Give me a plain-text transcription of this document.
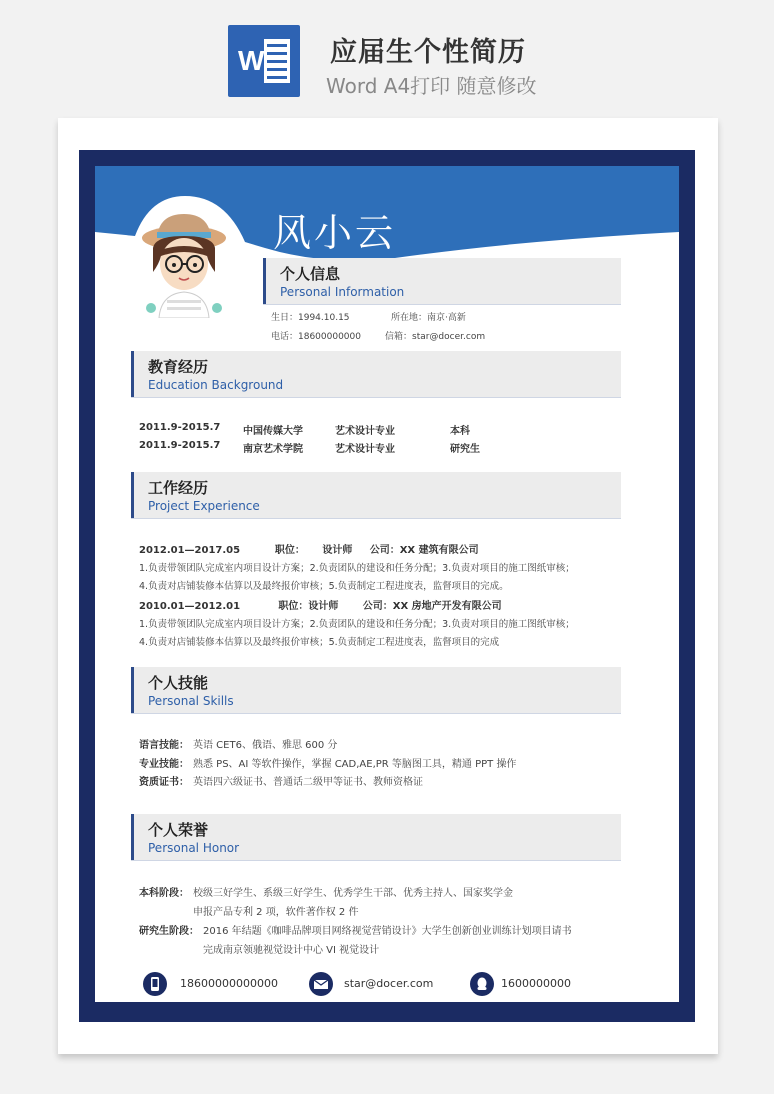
W 应届生个性简历
Word A4打印 随意修改
风小云
个人信息
Personal Information
生日：1994.10.15	所在地：南京·高新
电话：18600000000	信箱：star@docer.com
教育经历
Education Background
2011.9-2015.7 中国传媒大学	艺术设计专业	本科
2011.9-2015.7 南京艺术学院	艺术设计专业	研究生
工作经历
Project Experience
2012.01—2017.05          职位：     设计师     公司：XX 建筑有限公司
1.负责带领团队完成室内项目设计方案；2.负责团队的建设和任务分配；3.负责对项目的施工图纸审核；
4.负责对店铺装修本估算以及最终报价审核；5.负责制定工程进度表，监督项目的完成。
2010.01—2012.01           职位：设计师       公司：XX 房地产开发有限公司
1.负责带领团队完成室内项目设计方案；2.负责团队的建设和任务分配；3.负责对项目的施工图纸审核；
4.负责对店铺装修本估算以及最终报价审核；5.负责制定工程进度表，监督项目的完成
个人技能
Personal Skills
语言技能： 英语 CET6、俄语、雅思 600 分
专业技能： 熟悉 PS、AI 等软件操作，掌握 CAD,AE,PR 等脑图工具，精通 PPT 操作
资质证书： 英语四六级证书、普通话二级甲等证书、教师资格证
个人荣誉
Personal Honor
本科阶段： 校级三好学生、系级三好学生、优秀学生干部、优秀主持人、国家奖学金
申报产品专利 2 项，软件著作权 2 件
研究生阶段： 2016 年结题《咖啡品牌项目网络视觉营销设计》大学生创新创业训练计划项目请书
完成南京领驰视觉设计中心 VI 视觉设计
18600000000000	star@docer.com	1600000000
